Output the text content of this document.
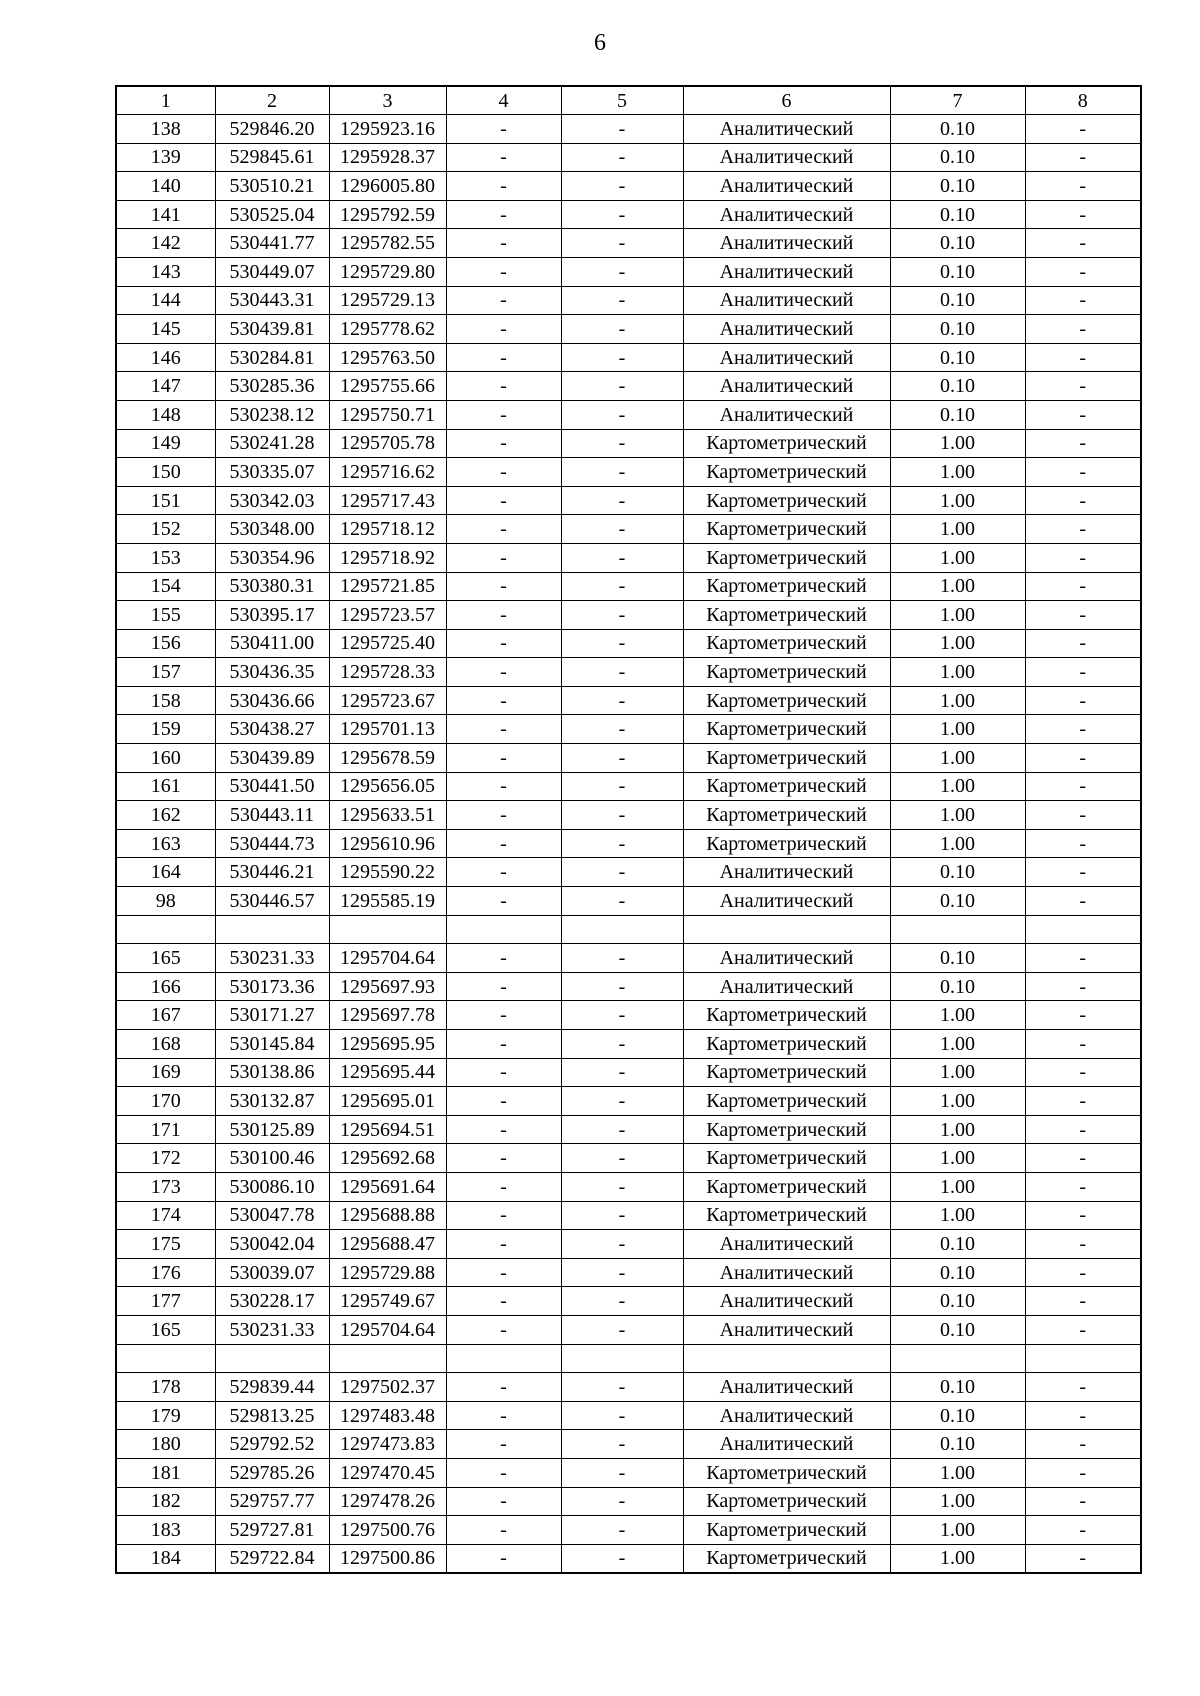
6
1	2	3	4	5	6	7	8
138	529846.20	1295923.16	-	-	Аналитический	0.10	-
139	529845.61	1295928.37	-	-	Аналитический	0.10	-
140	530510.21	1296005.80	-	-	Аналитический	0.10	-
141	530525.04	1295792.59	-	-	Аналитический	0.10	-
142	530441.77	1295782.55	-	-	Аналитический	0.10	-
143	530449.07	1295729.80	-	-	Аналитический	0.10	-
144	530443.31	1295729.13	-	-	Аналитический	0.10	-
145	530439.81	1295778.62	-	-	Аналитический	0.10	-
146	530284.81	1295763.50	-	-	Аналитический	0.10	-
147	530285.36	1295755.66	-	-	Аналитический	0.10	-
148	530238.12	1295750.71	-	-	Аналитический	0.10	-
149	530241.28	1295705.78	-	-	Картометрический	1.00	-
150	530335.07	1295716.62	-	-	Картометрический	1.00	-
151	530342.03	1295717.43	-	-	Картометрический	1.00	-
152	530348.00	1295718.12	-	-	Картометрический	1.00	-
153	530354.96	1295718.92	-	-	Картометрический	1.00	-
154	530380.31	1295721.85	-	-	Картометрический	1.00	-
155	530395.17	1295723.57	-	-	Картометрический	1.00	-
156	530411.00	1295725.40	-	-	Картометрический	1.00	-
157	530436.35	1295728.33	-	-	Картометрический	1.00	-
158	530436.66	1295723.67	-	-	Картометрический	1.00	-
159	530438.27	1295701.13	-	-	Картометрический	1.00	-
160	530439.89	1295678.59	-	-	Картометрический	1.00	-
161	530441.50	1295656.05	-	-	Картометрический	1.00	-
162	530443.11	1295633.51	-	-	Картометрический	1.00	-
163	530444.73	1295610.96	-	-	Картометрический	1.00	-
164	530446.21	1295590.22	-	-	Аналитический	0.10	-
98	530446.57	1295585.19	-	-	Аналитический	0.10	-

165	530231.33	1295704.64	-	-	Аналитический	0.10	-
166	530173.36	1295697.93	-	-	Аналитический	0.10	-
167	530171.27	1295697.78	-	-	Картометрический	1.00	-
168	530145.84	1295695.95	-	-	Картометрический	1.00	-
169	530138.86	1295695.44	-	-	Картометрический	1.00	-
170	530132.87	1295695.01	-	-	Картометрический	1.00	-
171	530125.89	1295694.51	-	-	Картометрический	1.00	-
172	530100.46	1295692.68	-	-	Картометрический	1.00	-
173	530086.10	1295691.64	-	-	Картометрический	1.00	-
174	530047.78	1295688.88	-	-	Картометрический	1.00	-
175	530042.04	1295688.47	-	-	Аналитический	0.10	-
176	530039.07	1295729.88	-	-	Аналитический	0.10	-
177	530228.17	1295749.67	-	-	Аналитический	0.10	-
165	530231.33	1295704.64	-	-	Аналитический	0.10	-

178	529839.44	1297502.37	-	-	Аналитический	0.10	-
179	529813.25	1297483.48	-	-	Аналитический	0.10	-
180	529792.52	1297473.83	-	-	Аналитический	0.10	-
181	529785.26	1297470.45	-	-	Картометрический	1.00	-
182	529757.77	1297478.26	-	-	Картометрический	1.00	-
183	529727.81	1297500.76	-	-	Картометрический	1.00	-
184	529722.84	1297500.86	-	-	Картометрический	1.00	-
